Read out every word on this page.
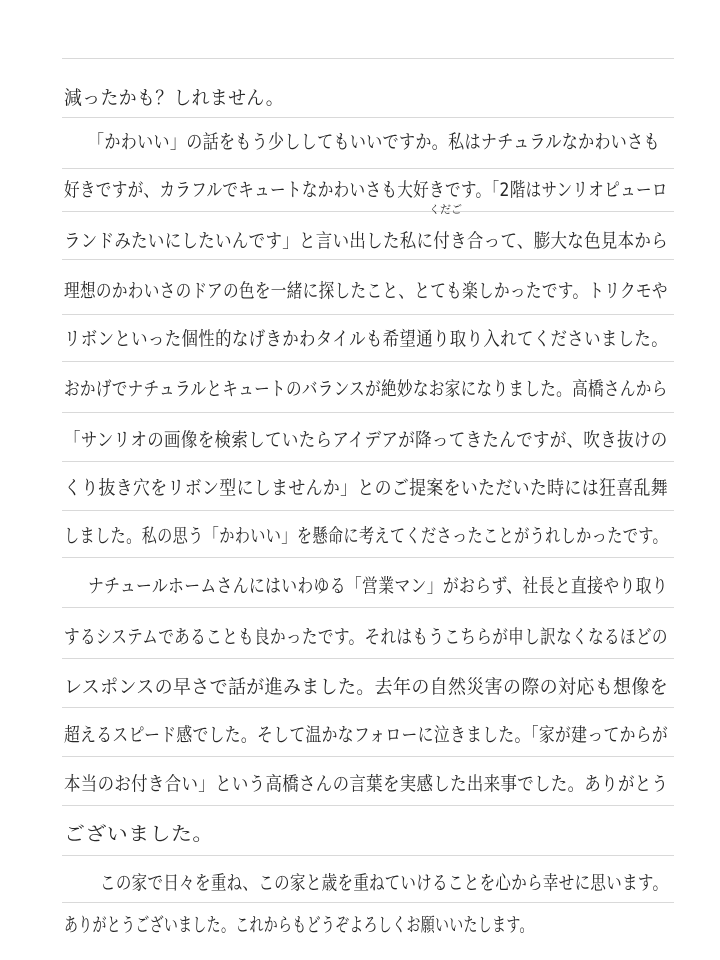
減ったかも？しれません。

「かわいい」の話をもう少ししてもいいですか。私はナチュラルなかわいさも

好きですが、カラフルでキュートなかわいさも大好きです。「2階はサンリオピューロ

くだご

ランドみたいにしたいんです」と言い出した私に付き合って、膨大な色見本から

理想のかわいさのドアの色を一緒に探したこと、とても楽しかったです。トリクモや

リボンといった個性的なげきかわタイルも希望通り取り入れてくださいました。

おかげでナチュラルとキュートのバランスが絶妙なお家になりました。高橋さんから

「サンリオの画像を検索していたらアイデアが降ってきたんですが、吹き抜けの

くり抜き穴をリボン型にしませんか」とのご提案をいただいた時には狂喜乱舞

しました。私の思う「かわいい」を懸命に考えてくださったことがうれしかったです。

ナチュールホームさんにはいわゆる「営業マン」がおらず、社長と直接やり取り

するシステムであることも良かったです。それはもうこちらが申し訳なくなるほどの

レスポンスの早さで話が進みました。去年の自然災害の際の対応も想像を

超えるスピード感でした。そして温かなフォローに泣きました。「家が建ってからが

本当のお付き合い」という高橋さんの言葉を実感した出来事でした。ありがとう

ございました。

この家で日々を重ね、この家と歳を重ねていけることを心から幸せに思います。

ありがとうございました。これからもどうぞよろしくお願いいたします。
